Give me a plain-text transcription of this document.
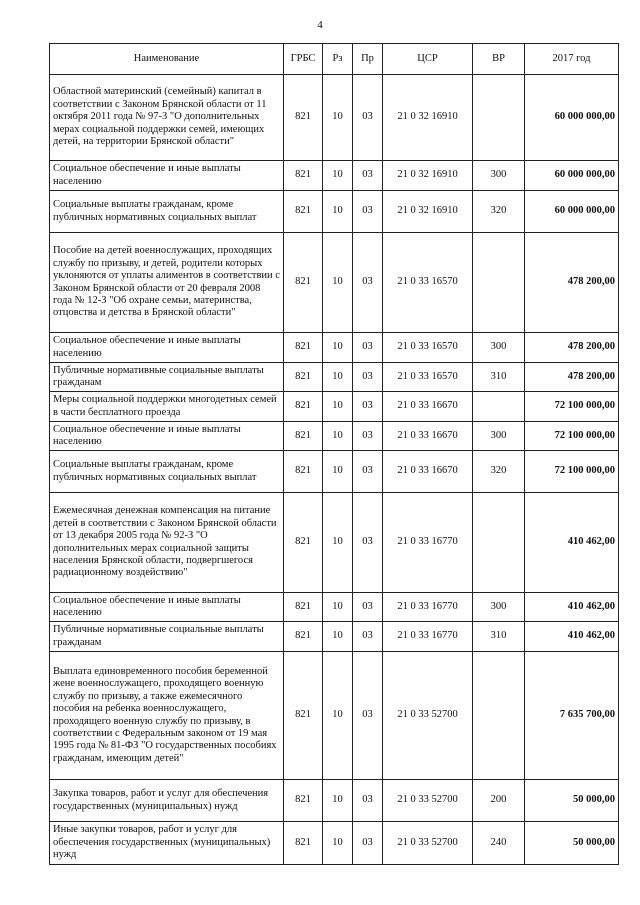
4
Наименование	ГРБС	Рз	Пр	ЦСР	ВР	2017 год
Областной материнский (семейный) капитал в соответствии с Законом Брянской области от 11 октября 2011 года № 97-З "О дополнительных мерах социальной поддержки семей, имеющих детей, на территории Брянской области"	821	10	03	21 0 32 16910		60 000 000,00
Социальное обеспечение и иные выплаты населению	821	10	03	21 0 32 16910	300	60 000 000,00
Социальные выплаты гражданам, кроме публичных нормативных социальных выплат	821	10	03	21 0 32 16910	320	60 000 000,00
Пособие на детей военнослужащих, проходящих службу по призыву, и детей, родители которых уклоняются от уплаты алиментов в соответствии с Законом Брянской области от 20 февраля 2008 года № 12-З "Об охране семьи, материнства, отцовства и детства в Брянской области"	821	10	03	21 0 33 16570		478 200,00
Социальное обеспечение и иные выплаты населению	821	10	03	21 0 33 16570	300	478 200,00
Публичные нормативные социальные выплаты гражданам	821	10	03	21 0 33 16570	310	478 200,00
Меры социальной поддержки многодетных семей в части бесплатного проезда	821	10	03	21 0 33 16670		72 100 000,00
Социальное обеспечение и иные выплаты населению	821	10	03	21 0 33 16670	300	72 100 000,00
Социальные выплаты гражданам, кроме публичных нормативных социальных выплат	821	10	03	21 0 33 16670	320	72 100 000,00
Ежемесячная денежная компенсация на питание детей в соответствии с Законом Брянской области от 13 декабря 2005 года № 92-З "О дополнительных мерах социальной защиты населения Брянской области, подвергшегося радиационному воздействию"	821	10	03	21 0 33 16770		410 462,00
Социальное обеспечение и иные выплаты населению	821	10	03	21 0 33 16770	300	410 462,00
Публичные нормативные социальные выплаты гражданам	821	10	03	21 0 33 16770	310	410 462,00
Выплата единовременного пособия беременной жене военнослужащего, проходящего военную службу по призыву, а также ежемесячного пособия на ребенка военнослужащего, проходящего военную службу по призыву, в соответствии с Федеральным законом от 19 мая 1995 года № 81-ФЗ "О государственных пособиях гражданам, имеющим детей"	821	10	03	21 0 33 52700		7 635 700,00
Закупка товаров, работ и услуг для обеспечения государственных (муниципальных) нужд	821	10	03	21 0 33 52700	200	50 000,00
Иные закупки товаров, работ и услуг для обеспечения государственных (муниципальных) нужд	821	10	03	21 0 33 52700	240	50 000,00
